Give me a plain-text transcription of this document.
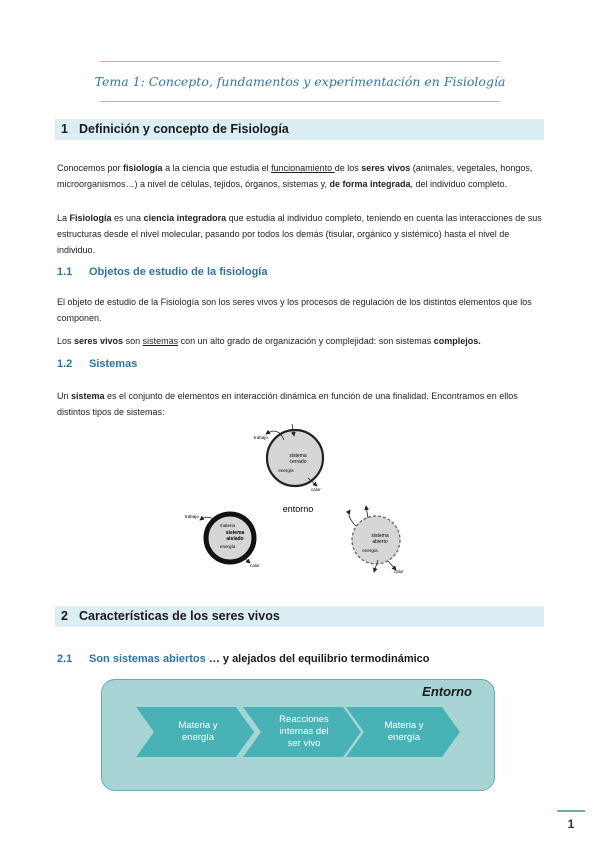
Tema 1: Concepto, fundamentos y experimentación en Fisiología
1 Definición y concepto de Fisiología
Conocemos por fisiología a la ciencia que estudia el funcionamiento de los seres vivos (animales, vegetales, hongos, microorganismos…) a nivel de células, tejidos, órganos, sistemas y, de forma integrada, del individuo completo.
La Fisiología es una ciencia integradora que estudia al individuo completo, teniendo en cuenta las interacciones de sus estructuras desde el nivel molecular, pasando por todos los demás (tisular, orgánico y sistémico) hasta el nivel de individuo.
1.1 Objetos de estudio de la fisiología
El objeto de estudio de la Fisiología son los seres vivos y los procesos de regulación de los distintos elementos que los componen.
Los seres vivos son sistemas con un alto grado de organización y complejidad: son sistemas complejos.
1.2 Sistemas
Un sistema es el conjunto de elementos en interacción dinámica en función de una finalidad. Encontramos en ellos distintos tipos de sistemas:
sistema
cerrado
energía
trabajo
calor
entorno
sistema
aislado
materia
energía
trabajo
calor
sistema
abierto
energía
calor
2 Características de los seres vivos
2.1 Son sistemas abiertos … y alejados del equilibrio termodinámico
Entorno
Materia y
energía
Reacciones
internas del
ser vivo
Materia y
energía
1
